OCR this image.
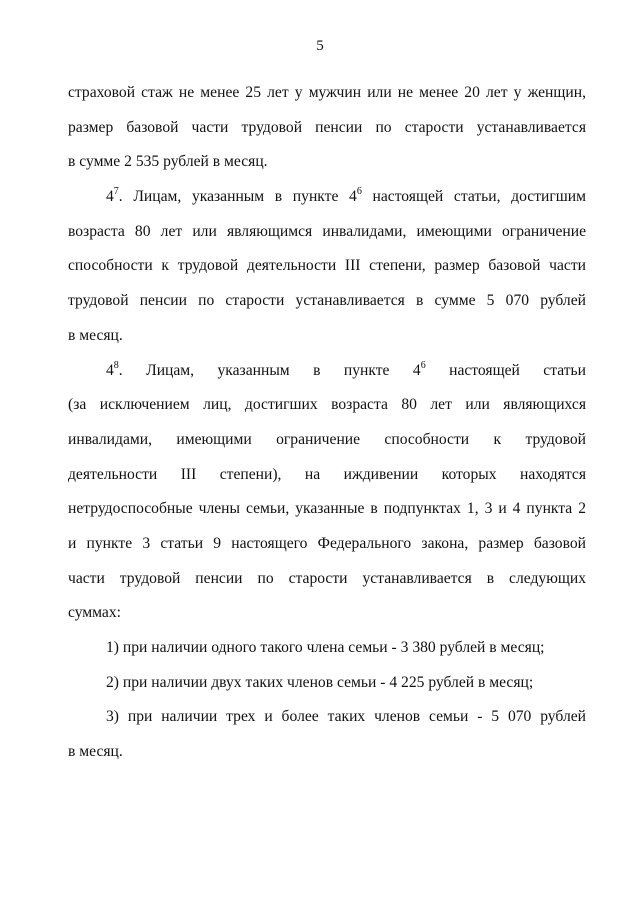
5
страховой стаж не менее 25 лет у мужчин или не менее 20 лет у женщин,
размер базовой части трудовой пенсии по старости устанавливается
в сумме 2 535 рублей в месяц.
$4^7$. Лицам, указанным в пункте $4^6$ настоящей статьи, достигшим
возраста 80 лет или являющимся инвалидами, имеющими ограничение
способности к трудовой деятельности III степени, размер базовой части
трудовой пенсии по старости устанавливается в сумме 5 070 рублей
в месяц.
$4^8$. Лицам, указанным в пункте $4^6$ настоящей статьи
(за исключением лиц, достигших возраста 80 лет или являющихся
инвалидами, имеющими ограничение способности к трудовой
деятельности III степени), на иждивении которых находятся
нетрудоспособные члены семьи, указанные в подпунктах 1, 3 и 4 пункта 2
и пункте 3 статьи 9 настоящего Федерального закона, размер базовой
части трудовой пенсии по старости устанавливается в следующих
суммах:
1) при наличии одного такого члена семьи - 3 380 рублей в месяц;
2) при наличии двух таких членов семьи - 4 225 рублей в месяц;
3) при наличии трех и более таких членов семьи - 5 070 рублей
в месяц.
